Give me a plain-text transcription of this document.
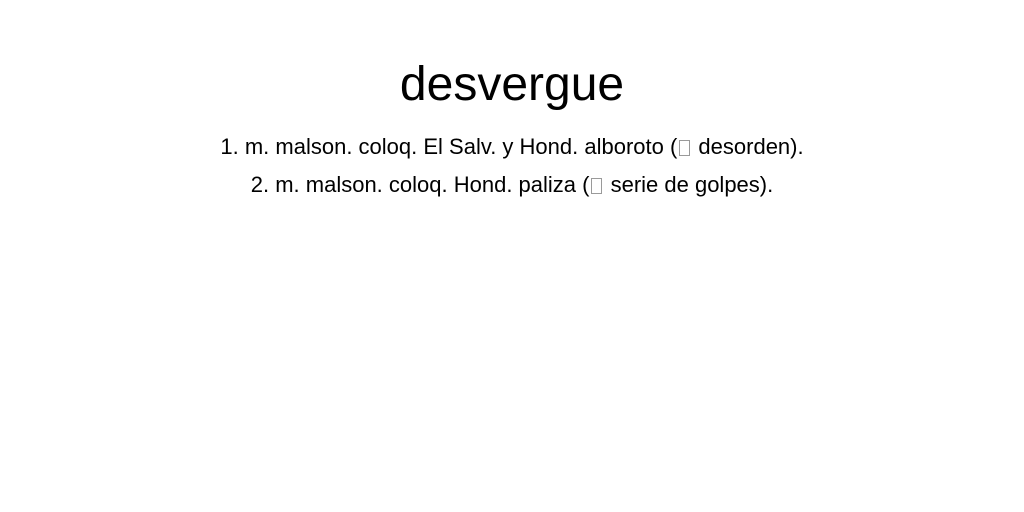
desvergue
1. m. malson. coloq. El Salv. y Hond. alboroto ( desorden).
2. m. malson. coloq. Hond. paliza ( serie de golpes).
